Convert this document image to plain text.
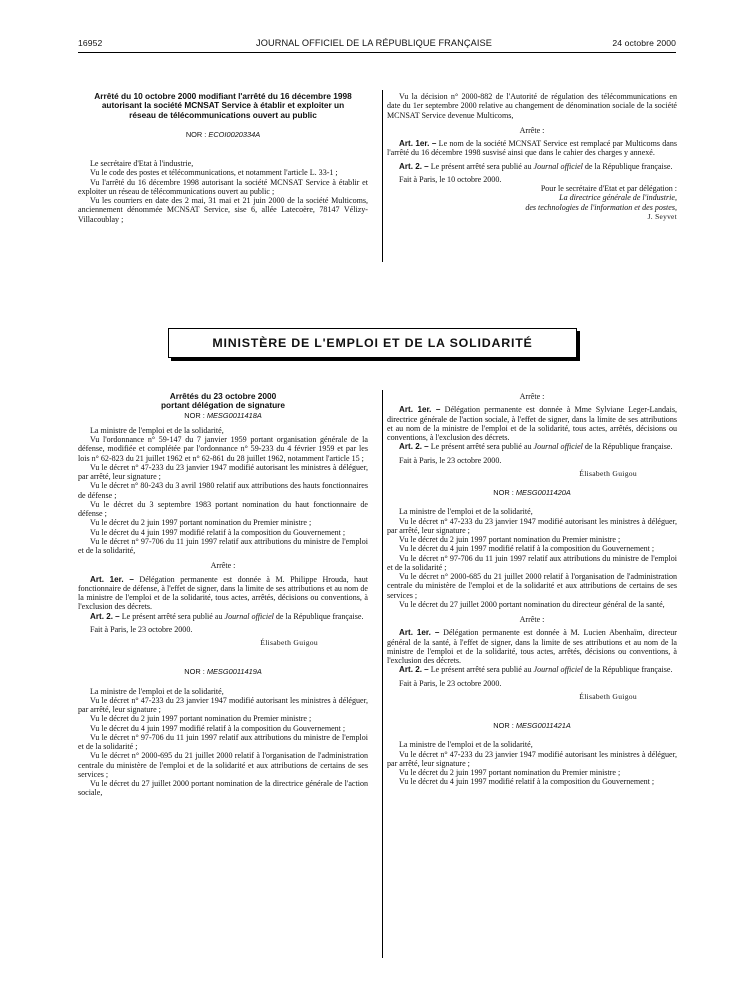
16952	JOURNAL OFFICIEL DE LA RÉPUBLIQUE FRANÇAISE	24 octobre 2000

Arrêté du 10 octobre 2000 modifiant l'arrêté du 16 décembre 1998 autorisant la société MCNSAT Service à établir et exploiter un réseau de télécommunications ouvert au public

NOR : ECOI0020334A

Le secrétaire d'Etat à l'industrie,

Vu le code des postes et télécommunications, et notamment l'article L. 33-1 ;

Vu l'arrêté du 16 décembre 1998 autorisant la société MCNSAT Service à établir et exploiter un réseau de télécommunications ouvert au public ;

Vu les courriers en date des 2 mai, 31 mai et 21 juin 2000 de la société Multicoms, anciennement dénommée MCNSAT Service, sise 6, allée Latecoère, 78147 Vélizy-Villacoublay ;

Vu la décision n° 2000-882 de l'Autorité de régulation des télécommunications en date du 1er septembre 2000 relative au changement de dénomination sociale de la société MCNSAT Service devenue Multicoms,

Arrête :

Art. 1er. – Le nom de la société MCNSAT Service est remplacé par Multicoms dans l'arrêté du 16 décembre 1998 susvisé ainsi que dans le cahier des charges y annexé.

Art. 2. – Le présent arrêté sera publié au Journal officiel de la République française.

Fait à Paris, le 10 octobre 2000.

Pour le secrétaire d'Etat et par délégation :

La directrice générale de l'industrie,

des technologies de l'information et des postes,

J. Seyvet

MINISTÈRE DE L'EMPLOI ET DE LA SOLIDARITÉ

Arrêtés du 23 octobre 2000

portant délégation de signature

NOR : MESG0011418A

La ministre de l'emploi et de la solidarité,

Vu l'ordonnance n° 59-147 du 7 janvier 1959 portant organisation générale de la défense, modifiée et complétée par l'ordonnance n° 59-233 du 4 février 1959 et par les lois n° 62-823 du 21 juillet 1962 et n° 62-861 du 28 juillet 1962, notamment l'article 15 ;

Vu le décret n° 47-233 du 23 janvier 1947 modifié autorisant les ministres à déléguer, par arrêté, leur signature ;

Vu le décret n° 80-243 du 3 avril 1980 relatif aux attributions des hauts fonctionnaires de défense ;

Vu le décret du 3 septembre 1983 portant nomination du haut fonctionnaire de défense ;

Vu le décret du 2 juin 1997 portant nomination du Premier ministre ;

Vu le décret du 4 juin 1997 modifié relatif à la composition du Gouvernement ;

Vu le décret n° 97-706 du 11 juin 1997 relatif aux attributions du ministre de l'emploi et de la solidarité,

Arrête :

Art. 1er. – Délégation permanente est donnée à M. Philippe Hrouda, haut fonctionnaire de défense, à l'effet de signer, dans la limite de ses attributions et au nom de la ministre de l'emploi et de la solidarité, tous actes, arrêtés, décisions ou conventions, à l'exclusion des décrets.

Art. 2. – Le présent arrêté sera publié au Journal officiel de la République française.

Fait à Paris, le 23 octobre 2000.

Élisabeth Guigou

NOR : MESG0011419A

La ministre de l'emploi et de la solidarité,

Vu le décret n° 47-233 du 23 janvier 1947 modifié autorisant les ministres à déléguer, par arrêté, leur signature ;

Vu le décret du 2 juin 1997 portant nomination du Premier ministre ;

Vu le décret du 4 juin 1997 modifié relatif à la composition du Gouvernement ;

Vu le décret n° 97-706 du 11 juin 1997 relatif aux attributions du ministre de l'emploi et de la solidarité ;

Vu le décret n° 2000-695 du 21 juillet 2000 relatif à l'organisation de l'administration centrale du ministère de l'emploi et de la solidarité et aux attributions de certains de ses services ;

Vu le décret du 27 juillet 2000 portant nomination de la directrice générale de l'action sociale,

Arrête :

Art. 1er. – Délégation permanente est donnée à Mme Sylviane Leger-Landais, directrice générale de l'action sociale, à l'effet de signer, dans la limite de ses attributions et au nom de la ministre de l'emploi et de la solidarité, tous actes, arrêtés, décisions ou conventions, à l'exclusion des décrets.

Art. 2. – Le présent arrêté sera publié au Journal officiel de la République française.

Fait à Paris, le 23 octobre 2000.

Élisabeth Guigou

NOR : MESG0011420A

La ministre de l'emploi et de la solidarité,

Vu le décret n° 47-233 du 23 janvier 1947 modifié autorisant les ministres à déléguer, par arrêté, leur signature ;

Vu le décret du 2 juin 1997 portant nomination du Premier ministre ;

Vu le décret du 4 juin 1997 modifié relatif à la composition du Gouvernement ;

Vu le décret n° 97-706 du 11 juin 1997 relatif aux attributions du ministre de l'emploi et de la solidarité ;

Vu le décret n° 2000-685 du 21 juillet 2000 relatif à l'organisation de l'administration centrale du ministère de l'emploi et de la solidarité et aux attributions de certains de ses services ;

Vu le décret du 27 juillet 2000 portant nomination du directeur général de la santé,

Arrête :

Art. 1er. – Délégation permanente est donnée à M. Lucien Abenhaïm, directeur général de la santé, à l'effet de signer, dans la limite de ses attributions et au nom de la ministre de l'emploi et de la solidarité, tous actes, arrêtés, décisions ou conventions, à l'exclusion des décrets.

Art. 2. – Le présent arrêté sera publié au Journal officiel de la République française.

Fait à Paris, le 23 octobre 2000.

Élisabeth Guigou

NOR : MESG0011421A

La ministre de l'emploi et de la solidarité,

Vu le décret n° 47-233 du 23 janvier 1947 modifié autorisant les ministres à déléguer, par arrêté, leur signature ;

Vu le décret du 2 juin 1997 portant nomination du Premier ministre ;

Vu le décret du 4 juin 1997 modifié relatif à la composition du Gouvernement ;
